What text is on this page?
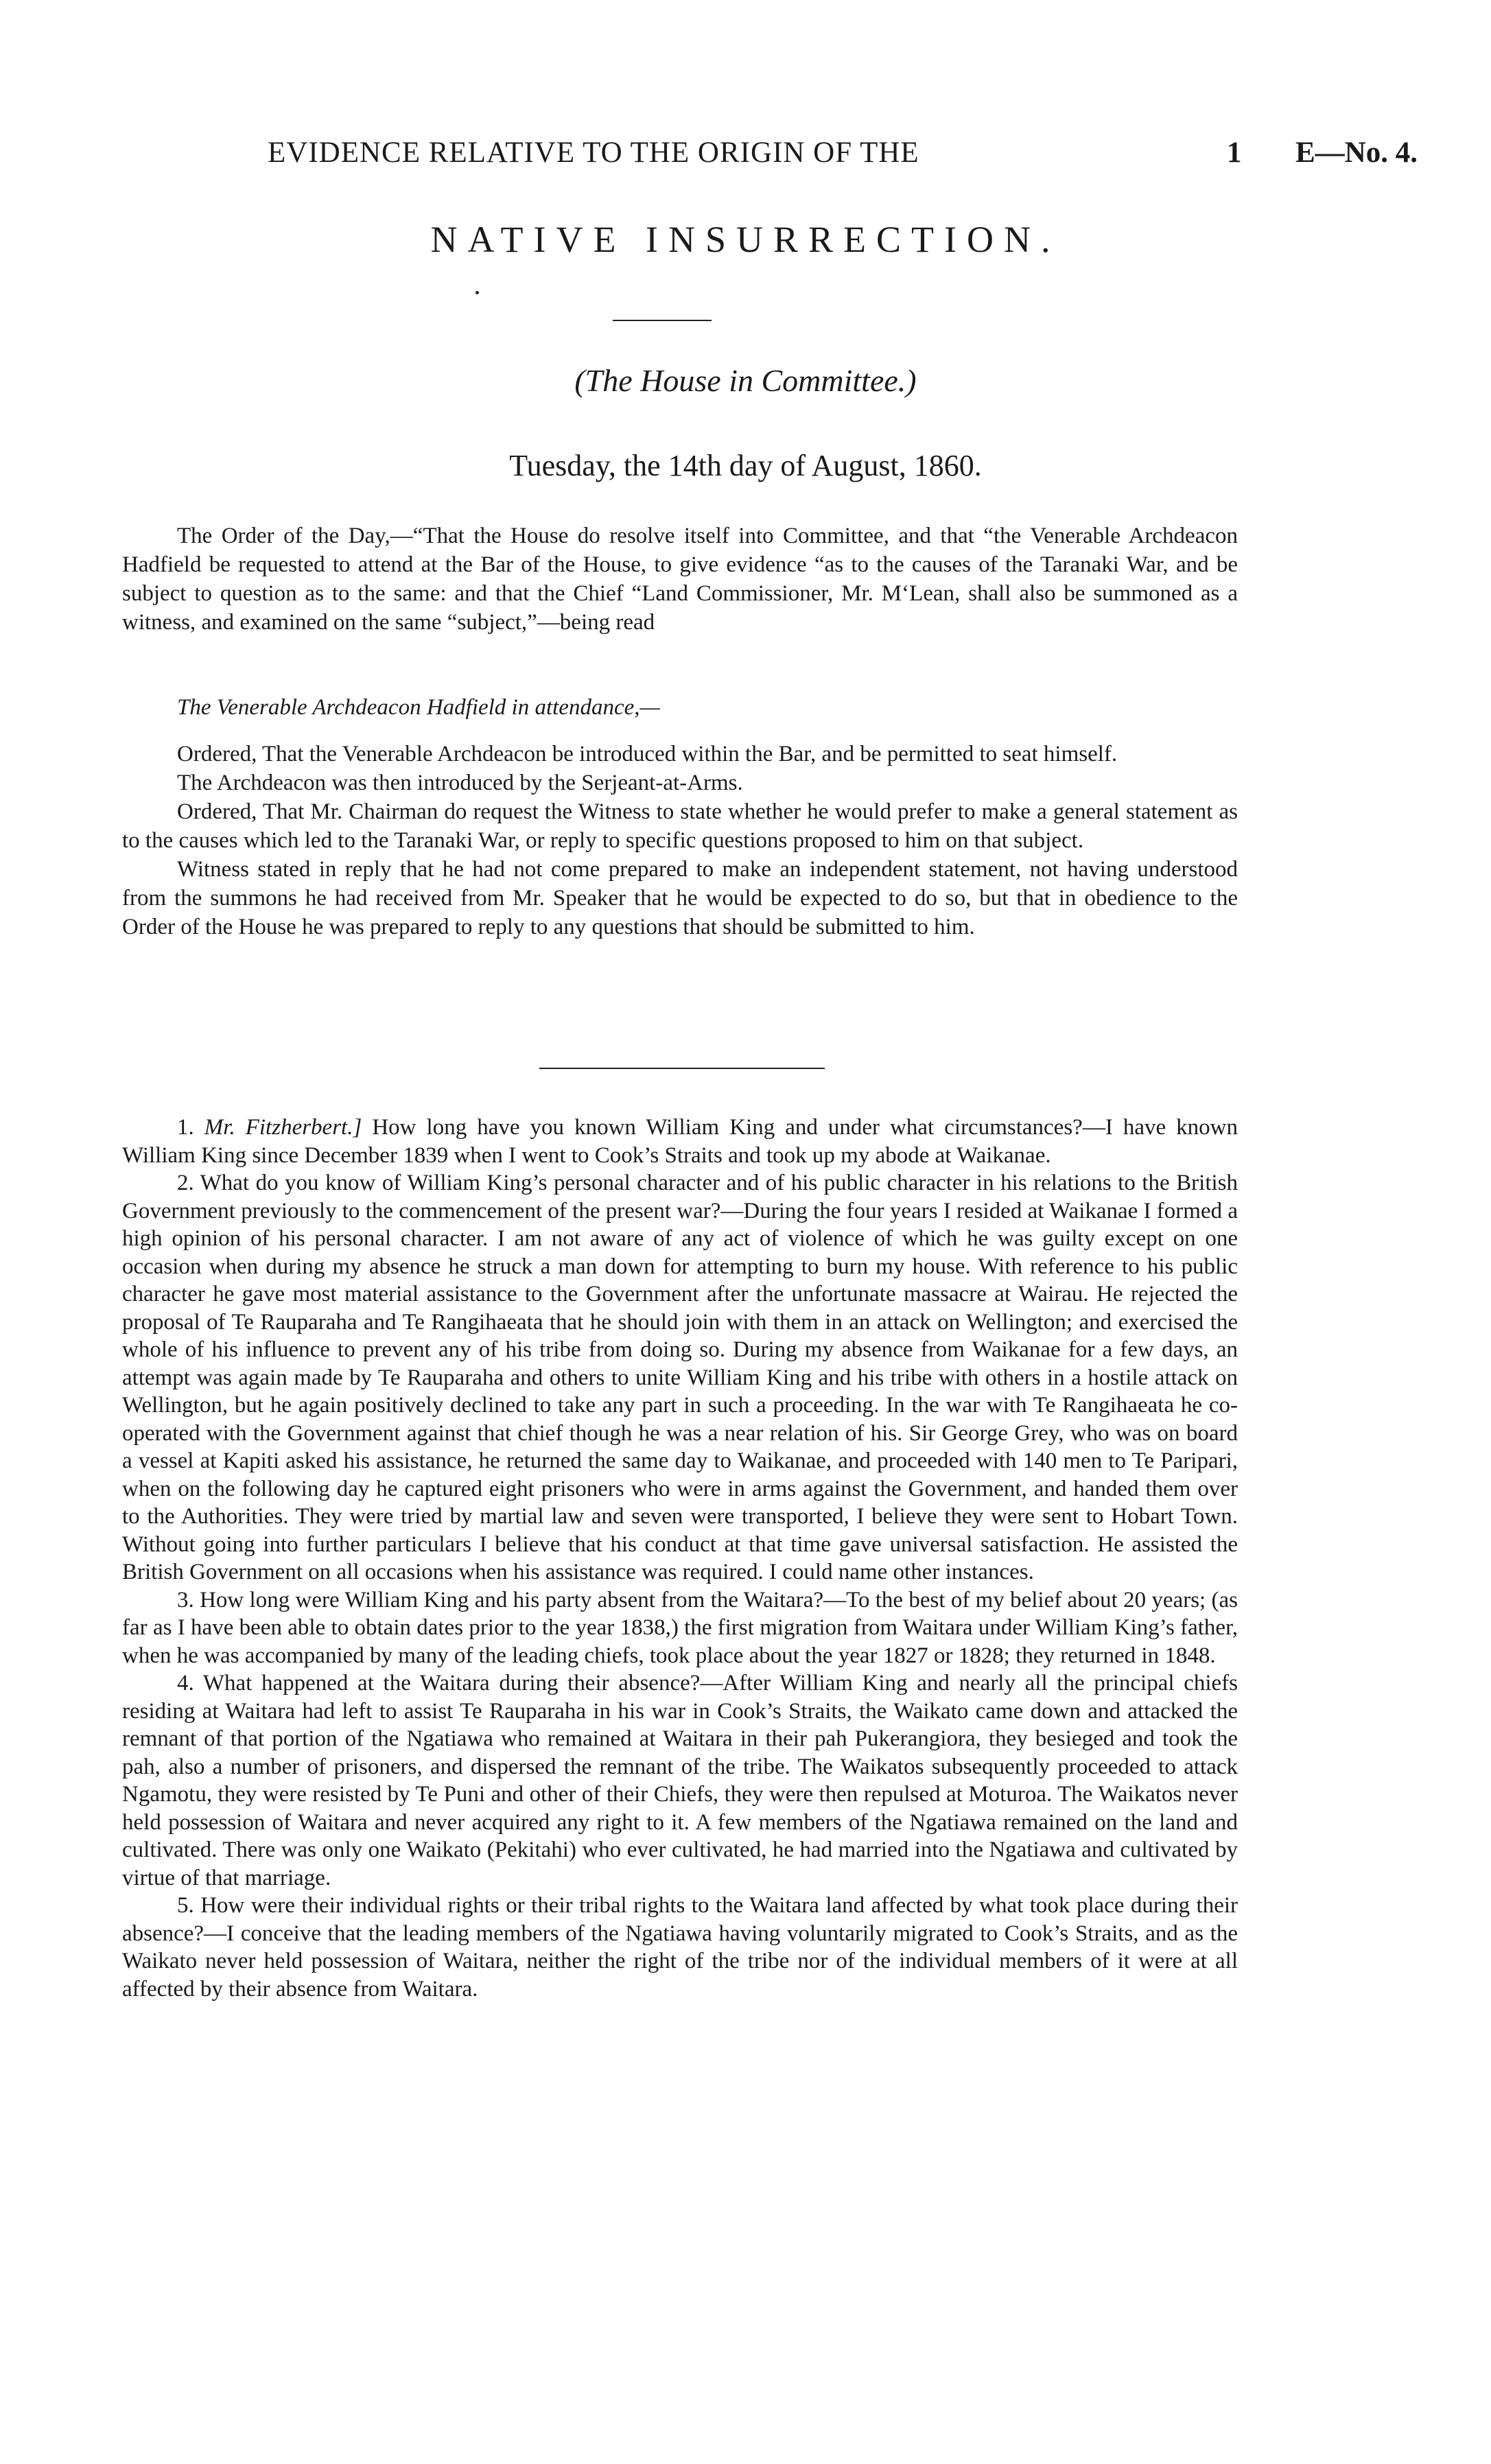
EVIDENCE RELATIVE TO THE ORIGIN OF THE	1 E—No. 4.
NATIVE INSURRECTION.
(The House in Committee.)
Tuesday, the 14th day of August, 1860.

The Order of the Day,—“That the House do resolve itself into Committee, and that “the Venerable Archdeacon Hadfield be requested to attend at the Bar of the House, to give evidence “as to the causes of the Taranaki War, and be subject to question as to the same: and that the Chief “Land Commissioner, Mr. M‘Lean, shall also be summoned as a witness, and examined on the same “subject,”—being read

The Venerable Archdeacon Hadfield in attendance,—

Ordered, That the Venerable Archdeacon be introduced within the Bar, and be permitted to seat himself.

The Archdeacon was then introduced by the Serjeant-at-Arms.

Ordered, That Mr. Chairman do request the Witness to state whether he would prefer to make a general statement as to the causes which led to the Taranaki War, or reply to specific questions proposed to him on that subject.

Witness stated in reply that he had not come prepared to make an independent statement, not having understood from the summons he had received from Mr. Speaker that he would be expected to do so, but that in obedience to the Order of the House he was prepared to reply to any questions that should be submitted to him.

1. Mr. Fitzherbert.] How long have you known William King and under what circumstances?—I have known William King since December 1839 when I went to Cook’s Straits and took up my abode at Waikanae.

2. What do you know of William King’s personal character and of his public character in his relations to the British Government previously to the commencement of the present war?—During the four years I resided at Waikanae I formed a high opinion of his personal character. I am not aware of any act of violence of which he was guilty except on one occasion when during my absence he struck a man down for attempting to burn my house. With reference to his public character he gave most material assistance to the Government after the unfortunate massacre at Wairau. He rejected the proposal of Te Rauparaha and Te Rangihaeata that he should join with them in an attack on Wellington; and exercised the whole of his influence to prevent any of his tribe from doing so. During my absence from Waikanae for a few days, an attempt was again made by Te Rauparaha and others to unite William King and his tribe with others in a hostile attack on Wellington, but he again positively declined to take any part in such a proceeding. In the war with Te Rangihaeata he co-operated with the Government against that chief though he was a near relation of his. Sir George Grey, who was on board a vessel at Kapiti asked his assistance, he returned the same day to Waikanae, and proceeded with 140 men to Te Paripari, when on the following day he captured eight prisoners who were in arms against the Government, and handed them over to the Authorities. They were tried by martial law and seven were transported, I believe they were sent to Hobart Town. Without going into further particulars I believe that his conduct at that time gave universal satisfaction. He assisted the British Government on all occasions when his assistance was required. I could name other instances.

3. How long were William King and his party absent from the Waitara?—To the best of my belief about 20 years; (as far as I have been able to obtain dates prior to the year 1838,) the first migration from Waitara under William King’s father, when he was accompanied by many of the leading chiefs, took place about the year 1827 or 1828; they returned in 1848.

4. What happened at the Waitara during their absence?—After William King and nearly all the principal chiefs residing at Waitara had left to assist Te Rauparaha in his war in Cook’s Straits, the Waikato came down and attacked the remnant of that portion of the Ngatiawa who remained at Waitara in their pah Pukerangiora, they besieged and took the pah, also a number of prisoners, and dispersed the remnant of the tribe. The Waikatos subsequently proceeded to attack Ngamotu, they were resisted by Te Puni and other of their Chiefs, they were then repulsed at Moturoa. The Waikatos never held possession of Waitara and never acquired any right to it. A few members of the Ngatiawa remained on the land and cultivated. There was only one Waikato (Pekitahi) who ever cultivated, he had married into the Ngatiawa and cultivated by virtue of that marriage.

5. How were their individual rights or their tribal rights to the Waitara land affected by what took place during their absence?—I conceive that the leading members of the Ngatiawa having voluntarily migrated to Cook’s Straits, and as the Waikato never held possession of Waitara, neither the right of the tribe nor of the individual members of it were at all affected by their absence from Waitara.
